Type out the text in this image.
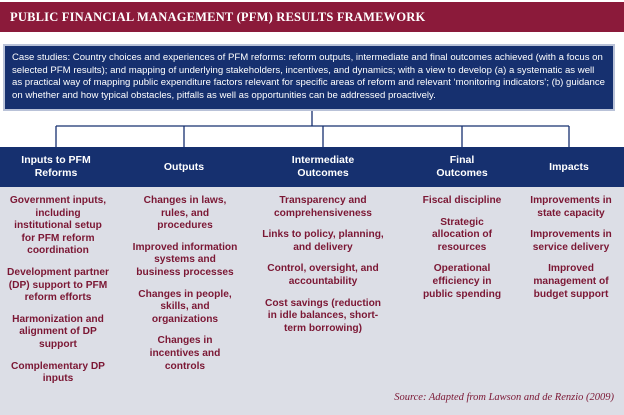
PUBLIC FINANCIAL MANAGEMENT (PFM) RESULTS FRAMEWORK
Case studies: Country choices and experiences of PFM reforms: reform outputs, intermediate and final outcomes achieved (with a focus on selected PFM results); and mapping of underlying stakeholders, incentives, and dynamics; with a view to develop (a) a systematic as well as practical way of mapping public expenditure factors relevant for specific areas of reform and relevant ‘monitoring indicators’; (b) guidance on whether and how typical obstacles, pitfalls as well as opportunities can be addressed proactively.
Inputs to PFM Reforms
Outputs
Intermediate Outcomes
Final Outcomes
Impacts
Government inputs, including institutional setup for PFM reform coordination
Development partner (DP) support to PFM reform efforts
Harmonization and alignment of DP support
Complementary DP inputs
Changes in laws, rules, and procedures
Improved information systems and business processes
Changes in people, skills, and organizations
Changes in incentives and controls
Transparency and comprehensiveness
Links to policy, planning, and delivery
Control, oversight, and accountability
Cost savings (reduction in idle balances, short-term borrowing)
Fiscal discipline
Strategic allocation of resources
Operational efficiency in public spending
Improvements in state capacity
Improvements in service delivery
Improved management of budget support
Source: Adapted from Lawson and de Renzio (2009)
